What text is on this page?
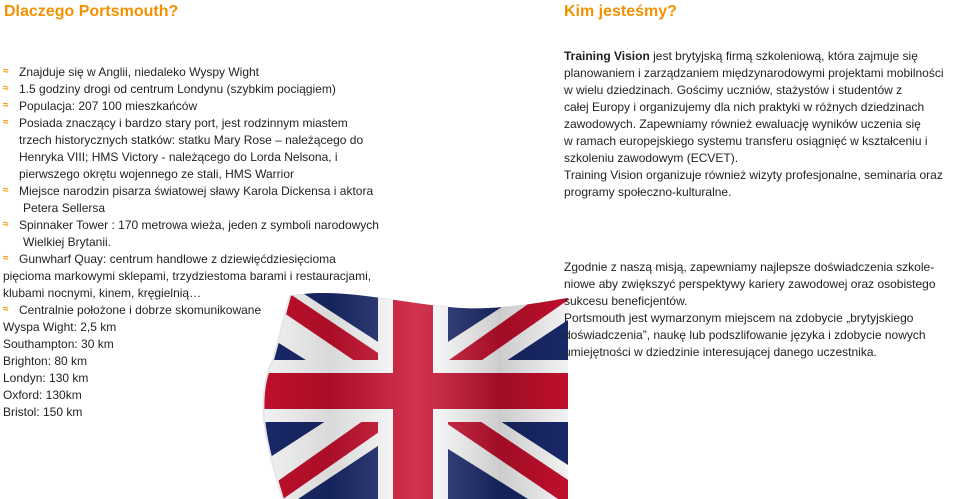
Dlaczego Portsmouth?	Kim jesteśmy?
≈ Znajduje się w Anglii, niedaleko Wyspy Wight
≈ 1.5 godziny drogi od centrum Londynu (szybkim pociągiem)
≈ Populacja: 207 100 mieszkańców
≈ Posiada znaczący i bardzo stary port, jest rodzinnym miastem
trzech historycznych statków: statku Mary Rose – należącego do
Henryka VIII; HMS Victory - należącego do Lorda Nelsona, i
pierwszego okrętu wojennego ze stali, HMS Warrior
≈ Miejsce narodzin pisarza światowej sławy Karola Dickensa i aktora
Petera Sellersa
≈ Spinnaker Tower : 170 metrowa wieża, jeden z symboli narodowych
Wielkiej Brytanii.
≈ Gunwharf Quay: centrum handlowe z dziewięćdziesięcioma
pięcioma markowymi sklepami, trzydziestoma barami i restauracjami,
klubami nocnymi, kinem, kręgielnią…
≈ Centralnie położone i dobrze skomunikowane
Wyspa Wight: 2,5 km
Southampton: 30 km
Brighton: 80 km
Londyn: 130 km
Oxford: 130km
Bristol: 150 km

Training Vision jest brytyjską firmą szkoleniową, która zajmuje się
planowaniem i zarządzaniem międzynarodowymi projektami mobilności
w wielu dziedzinach. Gościmy uczniów, stażystów i studentów z
całej Europy i organizujemy dla nich praktyki w różnych dziedzinach
zawodowych. Zapewniamy również ewaluację wyników uczenia się
w ramach europejskiego systemu transferu osiągnięć w kształceniu i
szkoleniu zawodowym (ECVET).
Training Vision organizuje również wizyty profesjonalne, seminaria oraz
programy społeczno-kulturalne.

Zgodnie z naszą misją, zapewniamy najlepsze doświadczenia szkole-
niowe aby zwiększyć perspektywy kariery zawodowej oraz osobistego
sukcesu beneficjentów.
Portsmouth jest wymarzonym miejscem na zdobycie „brytyjskiego
doświadczenia”, naukę lub podszlifowanie języka i zdobycie nowych
umiejętności w dziedzinie interesującej danego uczestnika.
